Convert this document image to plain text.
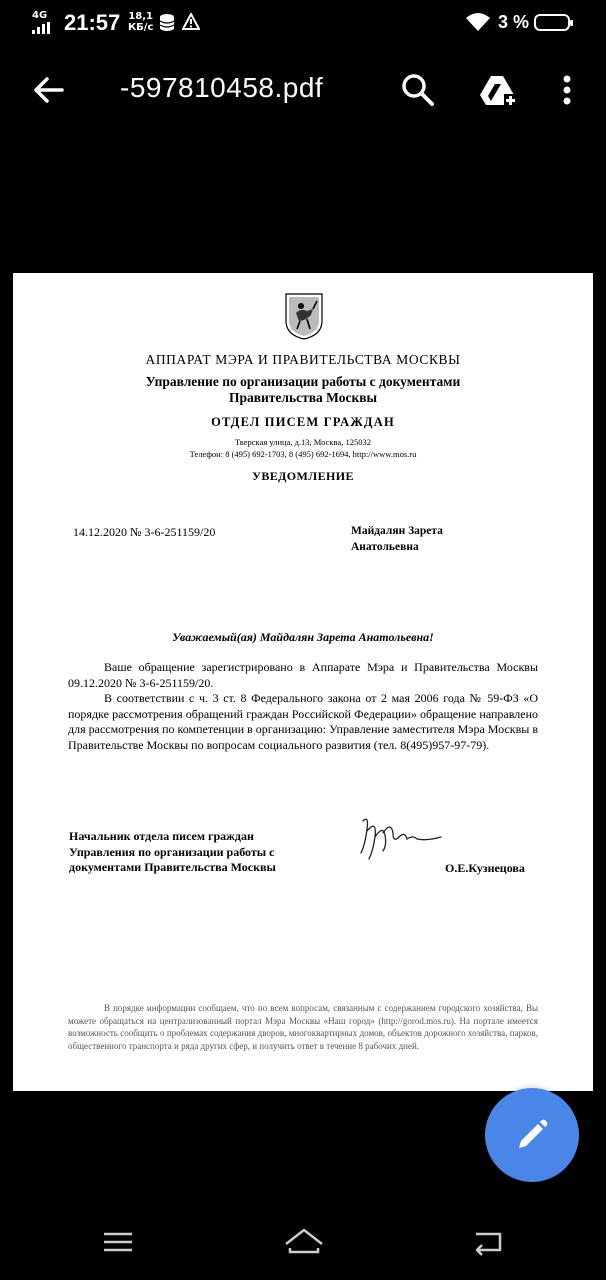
4G 21:57 18,1
КБ/с	3 %
-597810458.pdf
АППАРАТ МЭРА И ПРАВИТЕЛЬСТВА МОСКВЫ
Управление по организации работы с документами
Правительства Москвы
ОТДЕЛ ПИСЕМ ГРАЖДАН
Тверская улица, д.13, Москва, 125032
Телефон: 8 (495) 692-1703, 8 (495) 692-1694, http://www.mos.ru
УВЕДОМЛЕНИЕ
14.12.2020 № 3-6-251159/20	Майдалян Зарета
Анатольевна
Уважаемый(ая) Майдалян Зарета Анатольевна!

Ваше обращение зарегистрировано в Аппарате Мэра и Правительства Москвы 09.12.2020 № 3-6-251159/20.

В соответствии с ч. 3 ст. 8 Федерального закона от 2 мая 2006 года № 59-ФЗ «О порядке рассмотрения обращений граждан Российской Федерации» обращение направлено для рассмотрения по компетенции в организацию: Управление заместителя Мэра Москвы в Правительстве Москвы по вопросам социального развития (тел. 8(495)957-97-79).

Начальник отдела писем граждан
Управления по организации работы с
документами Правительства Москвы	О.Е.Кузнецова
В порядке информации сообщаем, что по всем вопросам, связанным с содержанием городского хозяйства, Вы можете обращаться на централизованный портал Мэра Москвы «Наш город» (http://gorod.mos.ru). На портале имеется возможность сообщить о проблемах содержания дворов, многоквартирных домов, объектов дорожного хозяйства, парков, общественного транспорта и ряда других сфер, и получить ответ в течение 8 рабочих дней.
